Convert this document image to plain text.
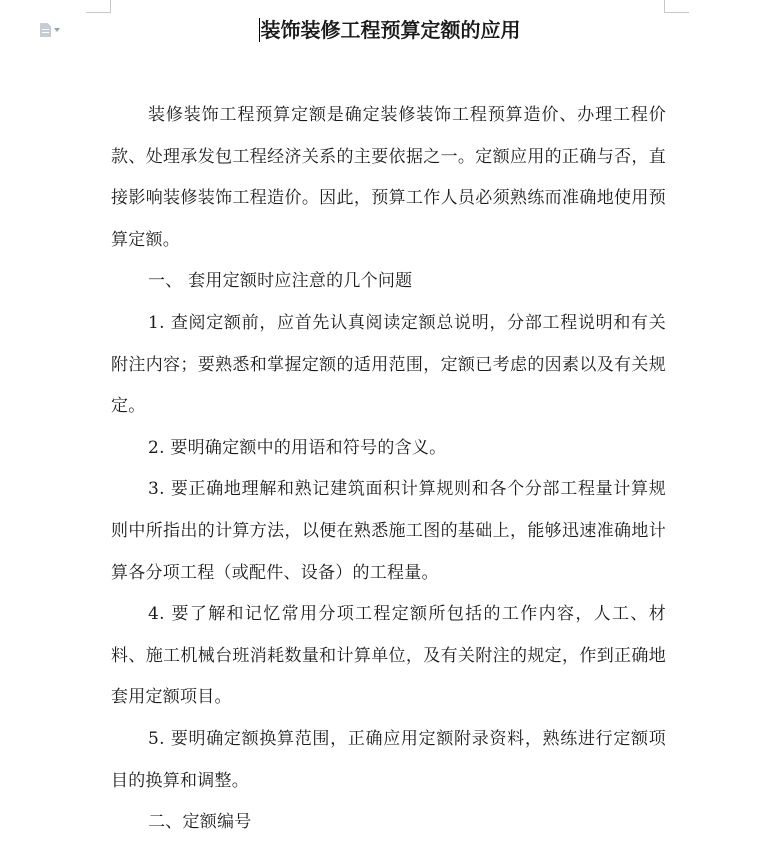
装饰装修工程预算定额的应用

装修装饰工程预算定额是确定装修装饰工程预算造价、办理工程价款、处理承发包工程经济关系的主要依据之一。定额应用的正确与否，直接影响装修装饰工程造价。因此，预算工作人员必须熟练而准确地使用预算定额。

一、 套用定额时应注意的几个问题

1. 查阅定额前，应首先认真阅读定额总说明，分部工程说明和有关附注内容；要熟悉和掌握定额的适用范围，定额已考虑的因素以及有关规定。

2. 要明确定额中的用语和符号的含义。

3. 要正确地理解和熟记建筑面积计算规则和各个分部工程量计算规则中所指出的计算方法，以便在熟悉施工图的基础上，能够迅速准确地计算各分项工程（或配件、设备）的工程量。

4. 要了解和记忆常用分项工程定额所包括的工作内容，人工、材料、施工机械台班消耗数量和计算单位，及有关附注的规定，作到正确地套用定额项目。

5. 要明确定额换算范围，正确应用定额附录资料，熟练进行定额项目的换算和调整。

二、定额编号
